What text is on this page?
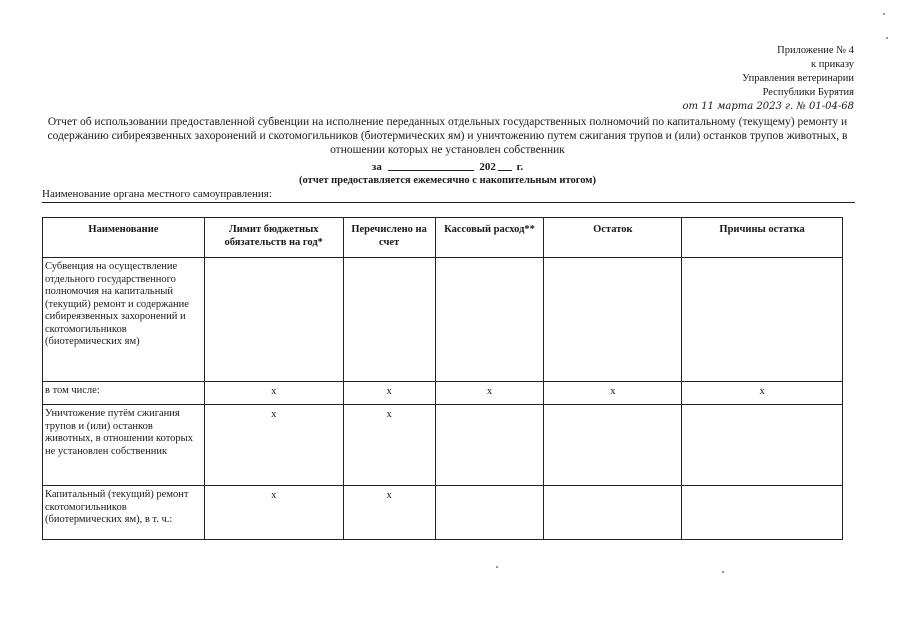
Приложение № 4
к приказу
Управления ветеринарии
Республики Бурятия
от 11 марта 2023 г. № 01-04-68
Отчет об использовании предоставленной субвенции на исполнение переданных отдельных государственных полномочий по капитальному (текущему) ремонту и содержанию сибиреязвенных захоронений и скотомогильников (биотермических ям) и уничтожению путем сжигания трупов и (или) останков трупов животных, в отношении которых не установлен собственник
за	202 г.
(отчет предоставляется ежемесячно с накопительным итогом)
Наименование органа местного самоуправления:
Наименование	Лимит бюджетных обязательств на год*	Перечислено на счет	Кассовый расход**	Остаток	Причины остатка
Субвенция на осуществление отдельного государственного полномочия на капитальный (текущий) ремонт и содержание сибиреязвенных захоронений и скотомогильников (биотермических ям)					
в том числе:	x	x	x	x	x
Уничтожение путём сжигания трупов и (или) останков животных, в отношении которых не установлен собственник	x	x			
Капитальный (текущий) ремонт скотомогильников (биотермических ям), в т. ч.:	x	x			
